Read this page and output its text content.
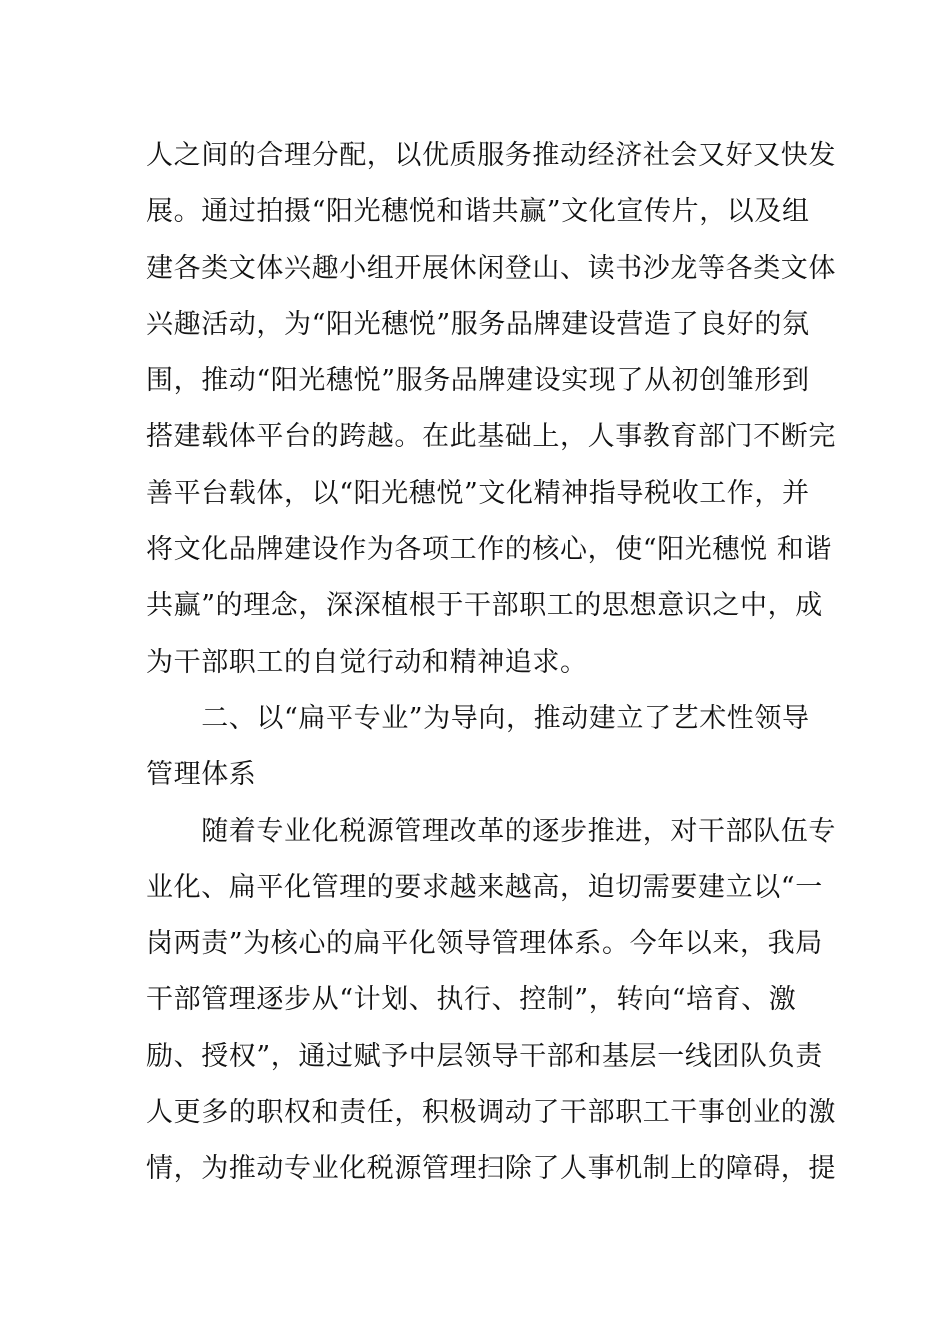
人之间的合理分配，以优质服务推动经济社会又好又快发
展。通过拍摄“阳光穗悦和谐共赢”文化宣传片，以及组
建各类文体兴趣小组开展休闲登山、读书沙龙等各类文体
兴趣活动，为“阳光穗悦”服务品牌建设营造了良好的氛
围，推动“阳光穗悦”服务品牌建设实现了从初创雏形到
搭建载体平台的跨越。在此基础上，人事教育部门不断完
善平台载体，以“阳光穗悦”文化精神指导税收工作，并
将文化品牌建设作为各项工作的核心，使“阳光穗悦 和谐
共赢”的理念，深深植根于干部职工的思想意识之中，成
为干部职工的自觉行动和精神追求。
　　二、以“扁平专业”为导向，推动建立了艺术性领导
管理体系
　　随着专业化税源管理改革的逐步推进，对干部队伍专
业化、扁平化管理的要求越来越高，迫切需要建立以“一
岗两责”为核心的扁平化领导管理体系。今年以来，我局
干部管理逐步从“计划、执行、控制”，转向“培育、激
励、授权”，通过赋予中层领导干部和基层一线团队负责
人更多的职权和责任，积极调动了干部职工干事创业的激
情，为推动专业化税源管理扫除了人事机制上的障碍，提
